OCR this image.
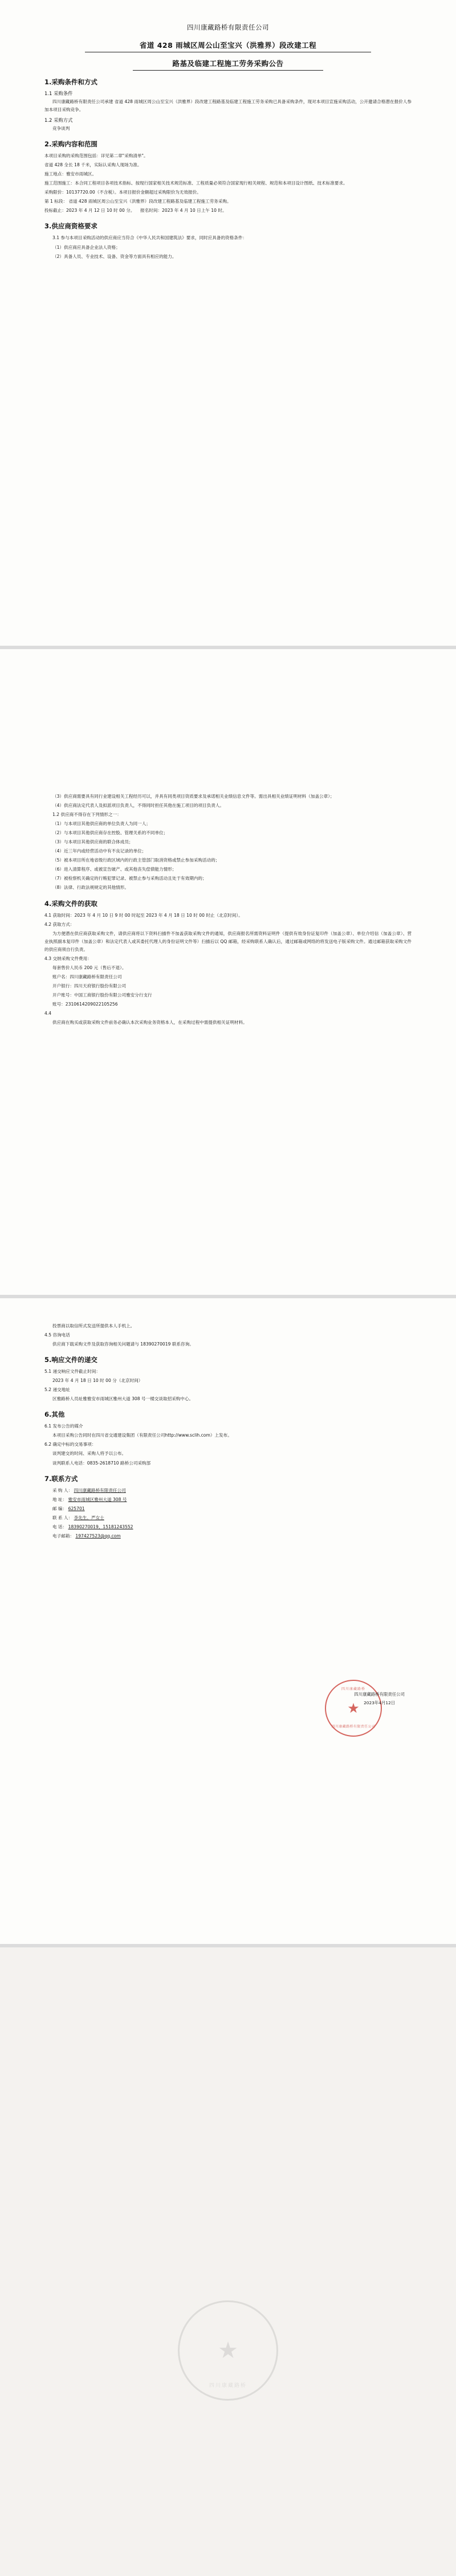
四川康藏路桥有限责任公司
省道 428 雨城区周公山至宝兴（洪雅界）段改建工程
路基及临建工程施工劳务采购公告
1.采购条件和方式
1.1 采购条件

四川康藏路桥有限责任公司承建 省道 428 雨城区周公山至宝兴（洪雅界）段改建工程路基及临建工程施工劳务采购已具备采购条件，现对本项目宣施采购活动，公开邀请合格潜在报价人参加本项目采购竞争。

1.2 采购方式

竞争谈判

2.采购内容和范围

本项目采购的采购范围包括：详见第二章"采购清单"。

省道 428 全长 18 千米，实际认采购人现场为准。

施工地点：雅安市雨城区。

施工范围施工：本合同工程项目各项技术指标、按现行国家相关技术规范标准、工程质量必须符合国家现行相关规程、规范和本项目设计图纸、技术标准要求。

采购限价：10137720.00（不含税）。本项目报价金额超过采购限价为无效报价。

第 1 标段： 省道 428 雨城区周公山至宝兴（洪雅界）段改建工程路基及临建工程施工劳务采购。

投标截止：2023 年 4 月 12 日 10 时 00 分。 报名时间：2023 年 4 月 10 日上午 10 时。

3.供应商资格要求

3.1 参与本项目采购活动的供应商应当符合《中华人民共和国建筑法》要求，同时应具备的资格条件：

（1）供应商应具备企业法人资格；

（2）具备人员、专业技术、设备、资金等方面具有相应的能力。

（3）供应商需要具有同行业建设相关工程经历可以，并具有同类项目资质要求及承诺相关业绩信息文件等。需出具相关业绩证明材料（加盖公章）；

（4）供应商法定代表人及拟派项目负责人，不得同时担任其他在施工项目的项目负责人。

1.2 供应商不得存在下列情形之一：

（1）与本项目其他供应商的单位负责人为同一人；

（2）与本项目其他供应商存在控股、管理关系的不同单位；

（3）与本项目其他供应商的联合体成员；

（4）近三年内或经营活动中有不良记录的单位；

（5）被本项目所在地省级行政区域内的行政主管部门取消资格或禁止参加采购活动的；

（6）进入清算程序、或被宣告破产、或其他丧失偿债能力情形；

（7）被检察机关确定的行贿犯罪记录、被禁止参与采购活动且处于有效期内的；

（8）法律、行政法规规定的其他情形。

4.采购文件的获取

4.1 获取时间：2023 年 4 月 10 日 9 时 00 时起至 2023 年 4 月 18 日 10 时 00 时止（北京时间）。

4.2 获取方式：

为方便潜在供应商获取采购文件，请供应商将以下资料扫描件不加盖获取采购文件的通知，供应商报名所需资料证明件（提供有效身份证复印件（加盖公章）、单位介绍信（加盖公章）、营业执照副本复印件（加盖公章）和法定代表人或其委托代理人的身份证明文件等）扫描后以 QQ 邮箱，经采购联系人确认后，通过邮箱或网络的将发送电子版采购文件。通过邮箱获取采购文件的供应商须自行负责。

4.3 交纳采购文件费用：

每套售价人民币 200 元（售后不退）。

账户名：四川康藏路桥有限责任公司

开户银行：四川天府银行股份有限公司

开户账号：中国工商银行股份有限公司雅安分行支行

账号：2310614209022105256

4.4

供应商在购买或获取采购文件前务必确认本次采购业务资格本人，在采购过程中需提供相关证明材料。

投票商以取信所式发送所提供本人手机上。

4.5 咨询电话

供应商下载采购文件及获取咨询相关问题请与 18390270019 联系咨询。

5.响应文件的递交

5.1 递交响应文件截止时间：

2023 年 4 月 18 日 10 时 00 分（北京时间）

5.2 递交地址

区雅路桥人员址雅雅安市雨城区雅州大道 308 号一楼交谈取招采购中心。

6.其他

6.1 发布公告的媒介

本项目采购公告同时在四川省交通建设集团（有限责任公司http://www.sclih.com）上发布。

6.2 确定中标的交易事项：

谈判建交的时间、采购人将予以公布。

谈判联系人电话：0835-2618710 路桥公司采购部

7.联系方式

采 购 人： 四川康藏路桥有限责任公司

地 址： 雅安市雨城区雅州大道 308 号

邮 编： 625701

联 系 人： 李先生、严女士

电 话： 18390270019、15181243552

电子邮箱： 197427523@qq.com

四川康藏路桥
★
四川康藏路桥有限责任公司
四川康藏路桥有限责任公司
2023年4月12日
★
四川康藏路桥
